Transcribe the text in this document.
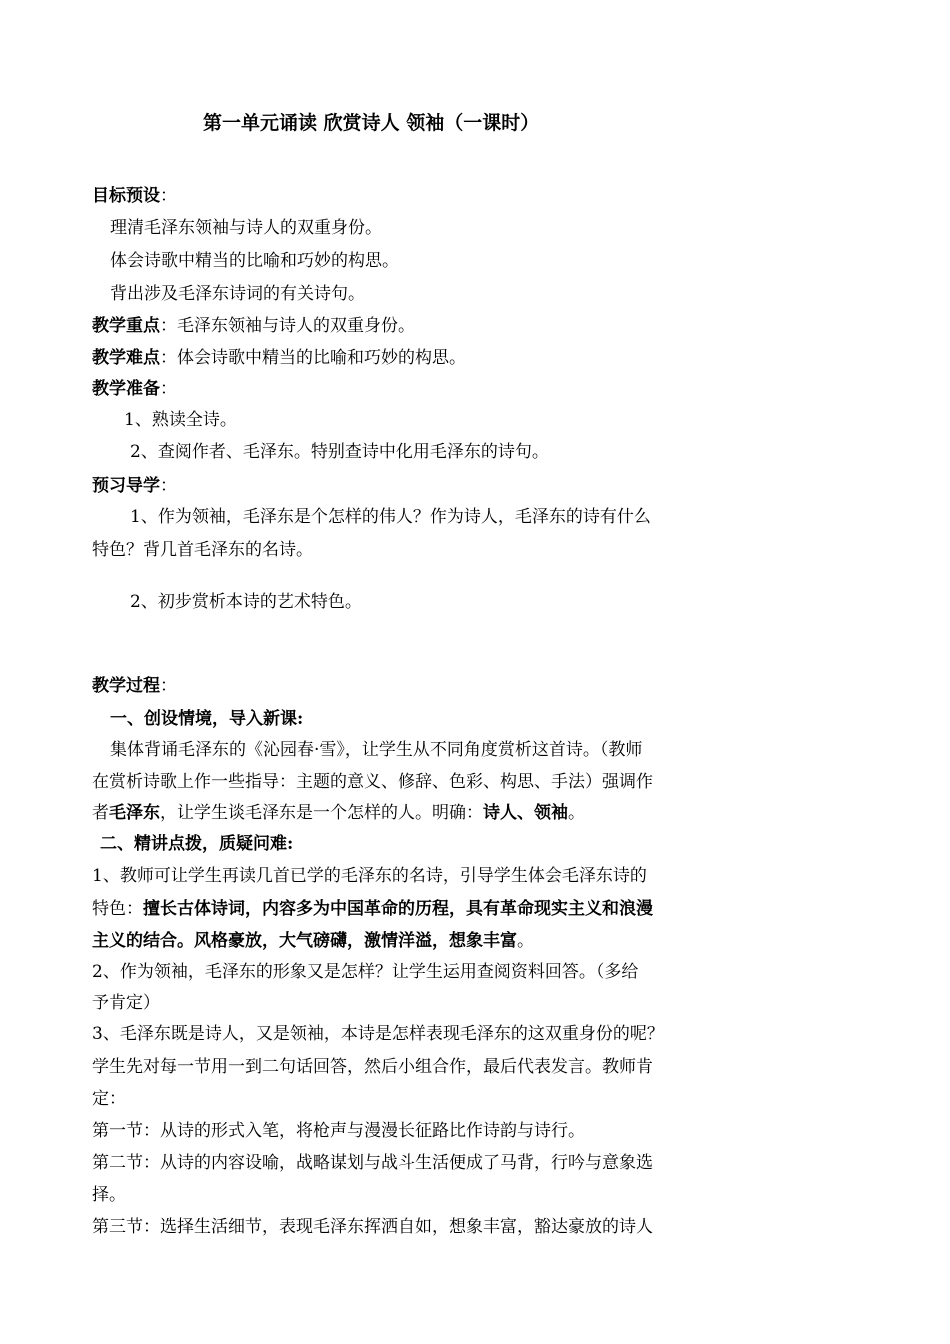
第一单元诵读 欣赏诗人 领袖（一课时）
目标预设：
理清毛泽东领袖与诗人的双重身份。
体会诗歌中精当的比喻和巧妙的构思。
背出涉及毛泽东诗词的有关诗句。
教学重点：毛泽东领袖与诗人的双重身份。
教学难点：体会诗歌中精当的比喻和巧妙的构思。
教学准备：
1、熟读全诗。
2、查阅作者、毛泽东。特别查诗中化用毛泽东的诗句。
预习导学：
1、作为领袖，毛泽东是个怎样的伟人？作为诗人，毛泽东的诗有什么
特色？背几首毛泽东的名诗。
2、初步赏析本诗的艺术特色。
教学过程：
一、创设情境，导入新课:
集体背诵毛泽东的《沁园春·雪》，让学生从不同角度赏析这首诗。（教师
在赏析诗歌上作一些指导：主题的意义、修辞、色彩、构思、手法）强调作
者毛泽东，让学生谈毛泽东是一个怎样的人。明确：诗人、领袖。
二、精讲点拨，质疑问难:
1、教师可让学生再读几首已学的毛泽东的名诗，引导学生体会毛泽东诗的
特色：擅长古体诗词，内容多为中国革命的历程，具有革命现实主义和浪漫
主义的结合。风格豪放，大气磅礴，激情洋溢，想象丰富。
2、作为领袖，毛泽东的形象又是怎样？让学生运用查阅资料回答。（多给
予肯定）
3、毛泽东既是诗人，又是领袖，本诗是怎样表现毛泽东的这双重身份的呢？
学生先对每一节用一到二句话回答，然后小组合作，最后代表发言。教师肯
定：
第一节：从诗的形式入笔，将枪声与漫漫长征路比作诗韵与诗行。
第二节：从诗的内容设喻，战略谋划与战斗生活便成了马背，行吟与意象选
择。
第三节：选择生活细节，表现毛泽东挥洒自如，想象丰富，豁达豪放的诗人
